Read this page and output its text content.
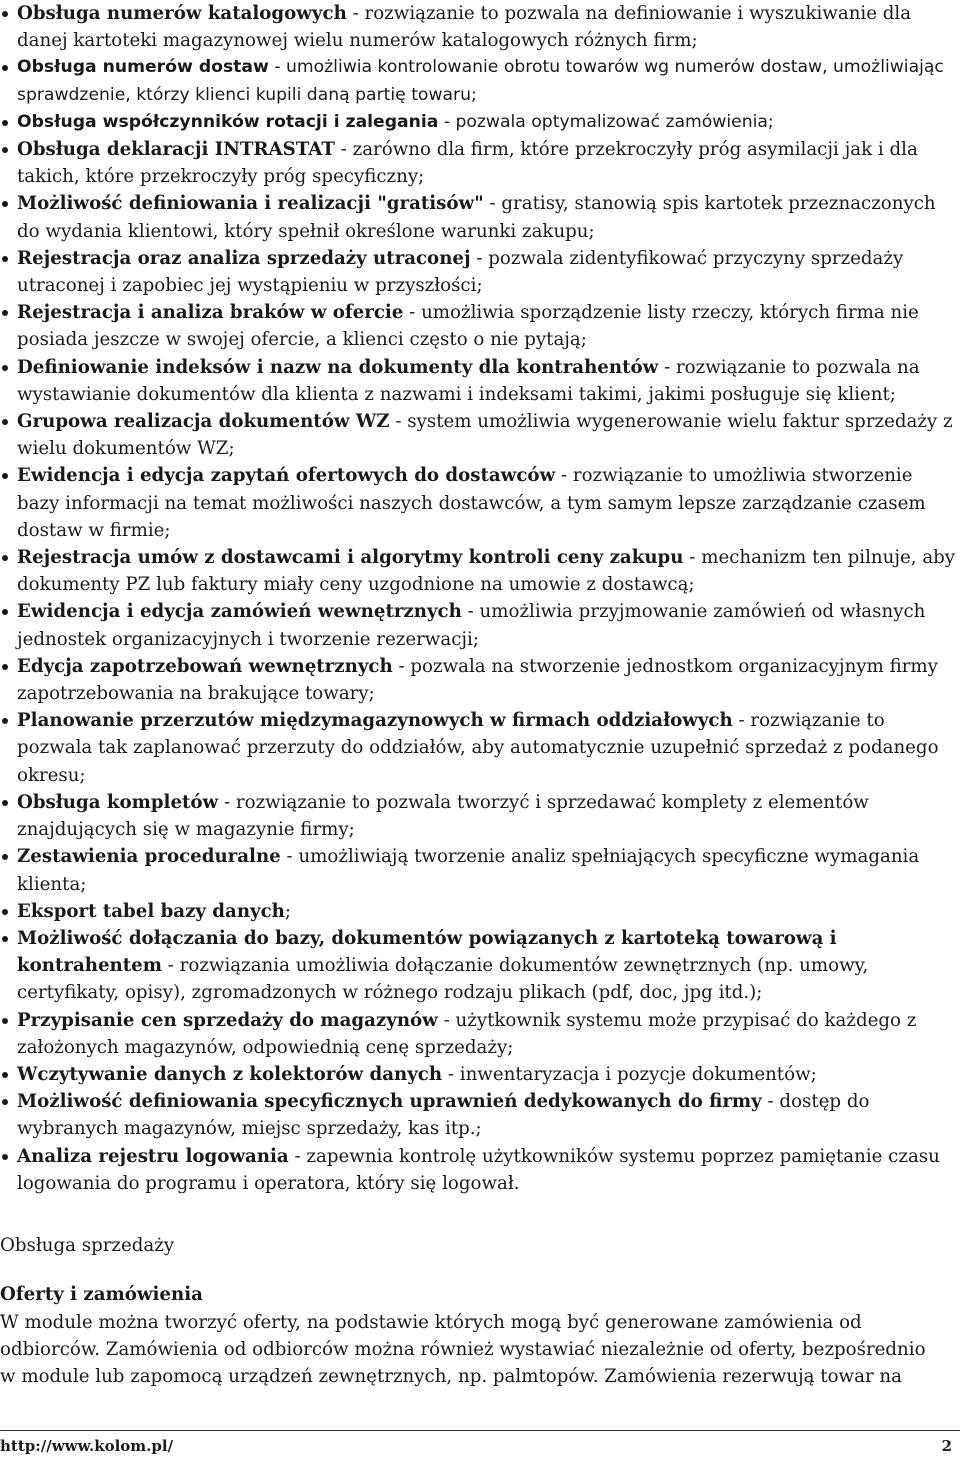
Obsługa numerów katalogowych - rozwiązanie to pozwala na definiowanie i wyszukiwanie dla danej kartoteki magazynowej wielu numerów katalogowych różnych firm;
Obsługa numerów dostaw - umożliwia kontrolowanie obrotu towarów wg numerów dostaw, umożliwiając sprawdzenie, którzy klienci kupili daną partię towaru;
Obsługa współczynników rotacji i zalegania - pozwala optymalizować zamówienia;
Obsługa deklaracji INTRASTAT - zarówno dla firm, które przekroczyły próg asymilacji jak i dla takich, które przekroczyły próg specyficzny;
Możliwość definiowania i realizacji "gratisów" - gratisy, stanowią spis kartotek przeznaczonych do wydania klientowi, który spełnił określone warunki zakupu;
Rejestracja oraz analiza sprzedaży utraconej - pozwala zidentyfikować przyczyny sprzedaży utraconej i zapobiec jej wystąpieniu w przyszłości;
Rejestracja i analiza braków w ofercie - umożliwia sporządzenie listy rzeczy, których firma nie posiada jeszcze w swojej ofercie, a klienci często o nie pytają;
Definiowanie indeksów i nazw na dokumenty dla kontrahentów - rozwiązanie to pozwala na wystawianie dokumentów dla klienta z nazwami i indeksami takimi, jakimi posługuje się klient;
Grupowa realizacja dokumentów WZ - system umożliwia wygenerowanie wielu faktur sprzedaży z wielu dokumentów WZ;
Ewidencja i edycja zapytań ofertowych do dostawców - rozwiązanie to umożliwia stworzenie bazy informacji na temat możliwości naszych dostawców, a tym samym lepsze zarządzanie czasem dostaw w firmie;
Rejestracja umów z dostawcami i algorytmy kontroli ceny zakupu - mechanizm ten pilnuje, aby dokumenty PZ lub faktury miały ceny uzgodnione na umowie z dostawcą;
Ewidencja i edycja zamówień wewnętrznych - umożliwia przyjmowanie zamówień od własnych jednostek organizacyjnych i tworzenie rezerwacji;
Edycja zapotrzebowań wewnętrznych - pozwala na stworzenie jednostkom organizacyjnym firmy zapotrzebowania na brakujące towary;
Planowanie przerzutów międzymagazynowych w firmach oddziałowych - rozwiązanie to pozwala tak zaplanować przerzuty do oddziałów, aby automatycznie uzupełnić sprzedaż z podanego okresu;
Obsługa kompletów - rozwiązanie to pozwala tworzyć i sprzedawać komplety z elementów znajdujących się w magazynie firmy;
Zestawienia proceduralne - umożliwiają tworzenie analiz spełniających specyficzne wymagania klienta;
Eksport tabel bazy danych;
Możliwość dołączania do bazy, dokumentów powiązanych z kartoteką towarową i kontrahentem - rozwiązania umożliwia dołączanie dokumentów zewnętrznych (np. umowy, certyfikaty, opisy), zgromadzonych w różnego rodzaju plikach (pdf, doc, jpg itd.);
Przypisanie cen sprzedaży do magazynów - użytkownik systemu może przypisać do każdego z założonych magazynów, odpowiednią cenę sprzedaży;
Wczytywanie danych z kolektorów danych - inwentaryzacja i pozycje dokumentów;
Możliwość definiowania specyficznych uprawnień dedykowanych do firmy - dostęp do wybranych magazynów, miejsc sprzedaży, kas itp.;
Analiza rejestru logowania - zapewnia kontrolę użytkowników systemu poprzez pamiętanie czasu logowania do programu i operatora, który się logował.
Obsługa sprzedaży
Oferty i zamówienia

W module można tworzyć oferty, na podstawie których mogą być generowane zamówienia od odbiorców. Zamówienia od odbiorców można również wystawiać niezależnie od oferty, bezpośrednio w module lub zapomocą urządzeń zewnętrznych, np. palmtopów. Zamówienia rezerwują towar na

http://www.kolom.pl/	2
